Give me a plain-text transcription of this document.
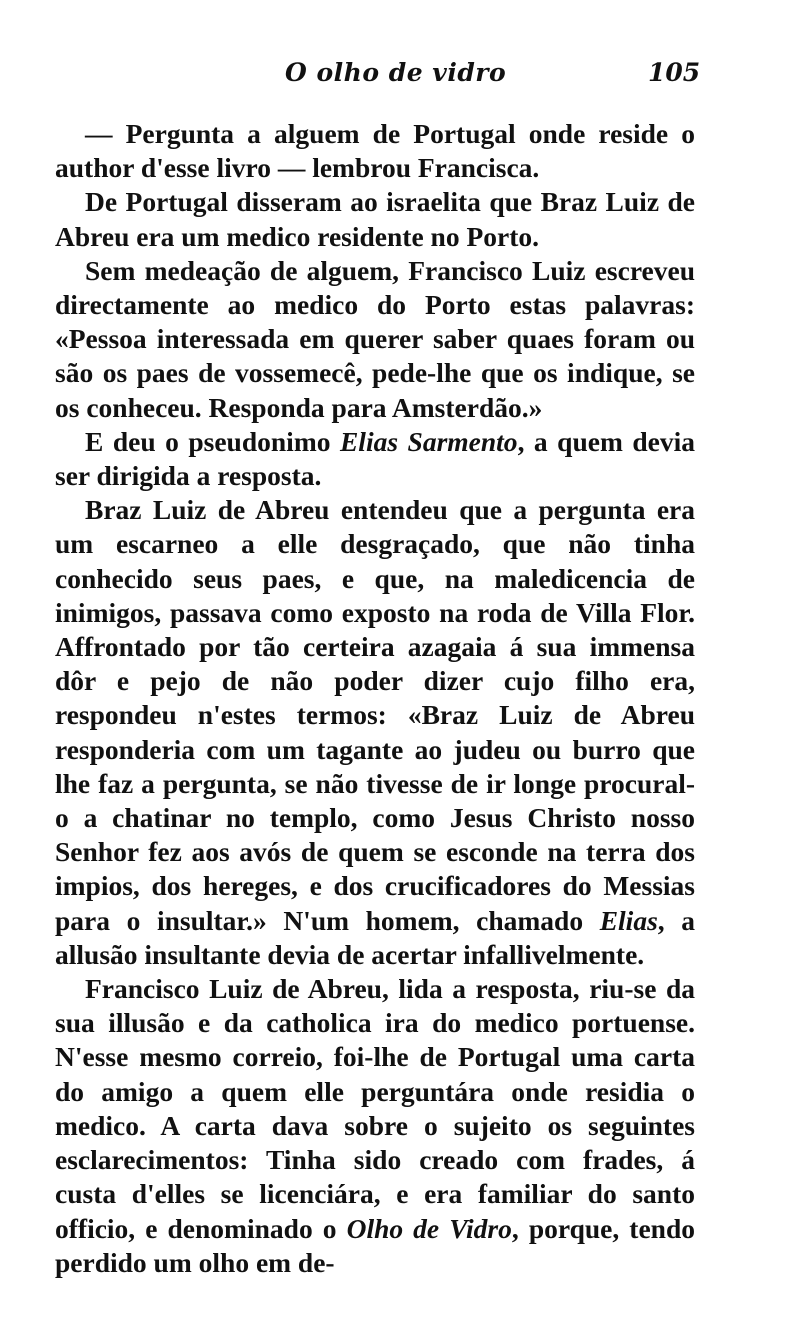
O olho de vidro	105

— Pergunta a alguem de Portugal onde reside o author d'esse livro — lembrou Francisca.

De Portugal disseram ao israelita que Braz Luiz de Abreu era um medico residente no Porto.

Sem medeação de alguem, Francisco Luiz escreveu directamente ao medico do Porto estas palavras: «Pessoa interessada em querer saber quaes foram ou são os paes de vossemecê, pede-lhe que os indique, se os conheceu. Responda para Amsterdão.»

E deu o pseudonimo Elias Sarmento, a quem devia ser dirigida a resposta.

Braz Luiz de Abreu entendeu que a pergunta era um escarneo a elle desgraçado, que não tinha conhecido seus paes, e que, na maledicencia de inimigos, passava como exposto na roda de Villa Flor. Affrontado por tão certeira azagaia á sua immensa dôr e pejo de não poder dizer cujo filho era, respondeu n'estes termos: «Braz Luiz de Abreu responderia com um tagante ao judeu ou burro que lhe faz a pergunta, se não tivesse de ir longe procural-o a chatinar no templo, como Jesus Christo nosso Senhor fez aos avós de quem se esconde na terra dos impios, dos hereges, e dos crucificadores do Messias para o insultar.» N'um homem, chamado Elias, a allusão insultante devia de acertar infallivelmente.

Francisco Luiz de Abreu, lida a resposta, riu-se da sua illusão e da catholica ira do medico portuense. N'esse mesmo correio, foi-lhe de Portugal uma carta do amigo a quem elle perguntára onde residia o medico. A carta dava sobre o sujeito os seguintes esclarecimentos: Tinha sido creado com frades, á custa d'elles se licenciára, e era familiar do santo officio, e denominado o Olho de Vidro, porque, tendo perdido um olho em de-
